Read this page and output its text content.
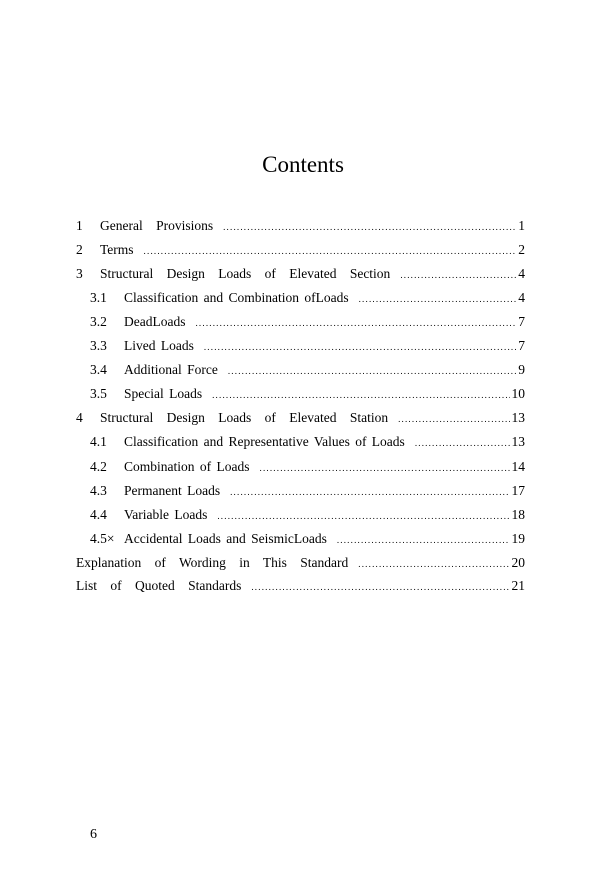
Contents
1	General Provisions .....	1
2	Terms .....	2
3	Structural Design Loads of Elevated Section .....	4
3.1	Classification and Combination ofLoads .....	4
3.2	DeadLoads .....	7
3.3	Lived Loads .....	7
3.4	Additional Force .....	9
3.5	Special Loads .....	10
4	Structural Design Loads of Elevated Station .....	13
4.1	Classification and Representative Values of Loads .....	13
4.2	Combination of Loads .....	14
4.3	Permanent Loads .....	17
4.4	Variable Loads .....	18
4.5× Accidental Loads and SeismicLoads .....	19
Explanation of Wording in This Standard .....	20
List of Quoted Standards .....	21
6
